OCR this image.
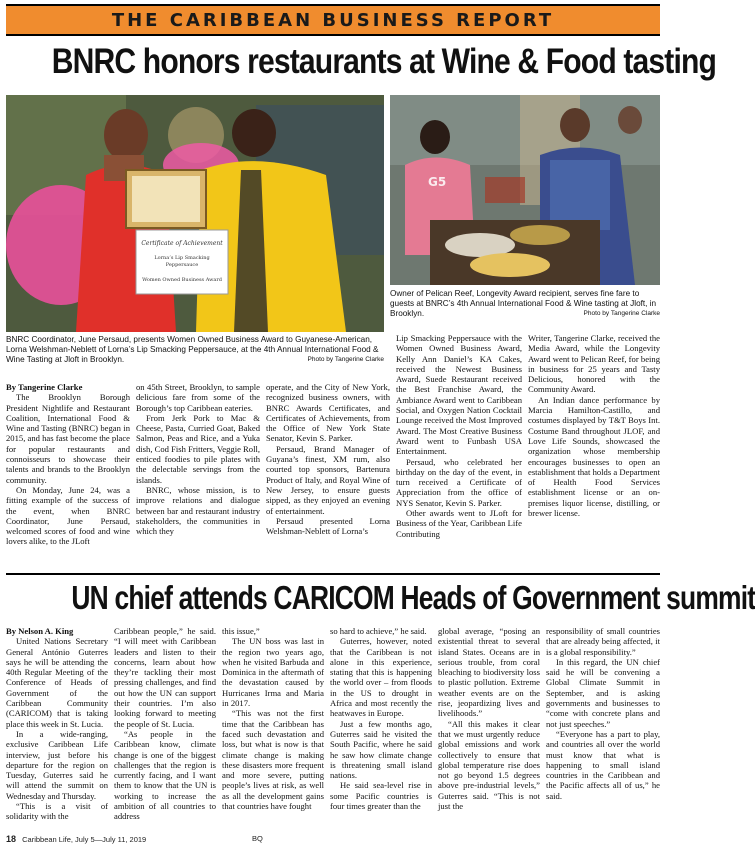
THE CARIBBEAN BUSINESS REPORT
BNRC honors restaurants at Wine & Food tasting
Certificate of Achievement
Lorna’s Lip Smacking Peppersauce
Women Owned Business Award
G5
Owner of Pelican Reef, Longevity Award recipient, serves fine fare to guests at BNRC’s 4th Annual International Food & Wine tasting at Jloft, in Brooklyn.	Photo by Tangerine Clarke
BNRC Coordinator, June Persaud, presents Women Owned Business Award to Guyanese-American, Lorna Welshman-Neblett of Lorna’s Lip Smacking Peppersauce, at the 4th Annual International Food & Wine Tasting at Jloft in Brooklyn.	Photo by Tangerine Clarke

By Tangerine Clarke

The Brooklyn Borough President Nightlife and Restaurant Coalition, International Food & Wine and Tasting (BNRC) began in 2015, and has fast become the place for popular restaurants and connoisseurs to showcase their talents and brands to the Brooklyn community.

On Monday, June 24, was a fitting example of the success of the event, when BNRC Coordinator, June Persaud, welcomed scores of food and wine lovers alike, to the JLoft

on 45th Street, Brooklyn, to sample delicious fare from some of the Borough’s top Caribbean eateries.

From Jerk Pork to Mac & Cheese, Pasta, Curried Goat, Baked Salmon, Peas and Rice, and a Yuka dish, Cod Fish Fritters, Veggie Roll, enticed foodies to pile plates with the delectable servings from the islands.

BNRC, whose mission, is to improve relations and dialogue between bar and restaurant industry stakeholders, the communities in which they

operate, and the City of New York, recognized business owners, with BNRC Awards Certificates, and Certificates of Achievements, from the Office of New York State Senator, Kevin S. Parker.

Persaud, Brand Manager of Guyana’s finest, XM rum, also courted top sponsors, Bartenura Product of Italy, and Royal Wine of New Jersey, to ensure guests sipped, as they enjoyed an evening of entertainment.

Persaud presented Lorna Welshman-Neblett of Lorna’s

Lip Smacking Peppersauce with the Women Owned Business Award, Kelly Ann Daniel’s KA Cakes, received the Newest Business Award, Suede Restaurant received the Best Franchise Award, the Ambiance Award went to Caribbean Social, and Oxygen Nation Cocktail Lounge received the Most Improved Award. The Most Creative Business Award went to Funbash USA Entertainment.

Persaud, who celebrated her birthday on the day of the event, in turn received a Certificate of Appreciation from the office of NYS Senator, Kevin S. Parker.

Other awards went to JLoft for Business of the Year, Caribbean Life Contributing

Writer, Tangerine Clarke, received the Media Award, while the Longevity Award went to Pelican Reef, for being in business for 25 years and Tasty Delicious, honored with the Community Award.

An Indian dance performance by Marcia Hamilton-Castillo, and costumes displayed by T&T Boys Int. Costume Band throughout JLOF, and Love Life Sounds, showcased the organization whose membership encourages businesses to open an establishment that holds a Department of Health Food Services establishment license or an on-premises liquor license, distilling, or brewer license.

UN chief attends CARICOM Heads of Government summit

By Nelson A. King

United Nations Secretary General António Guterres says he will be attending the 40th Regular Meeting of the Conference of Heads of Government of the Caribbean Community (CARICOM) that is taking place this week in St. Lucia.

In a wide-ranging, exclusive Caribbean Life interview, just before his departure for the region on Tuesday, Guterres said he will attend the summit on Wednesday and Thursday.

“This is a visit of solidarity with the

Caribbean people,” he said. “I will meet with Caribbean leaders and listen to their concerns, learn about how they’re tackling their most pressing challenges, and find out how the UN can support their countries. I’m also looking forward to meeting the people of St. Lucia.

“As people in the Caribbean know, climate change is one of the biggest challenges that the region is currently facing, and I want them to know that the UN is working to increase the ambition of all countries to address

this issue,”

The UN boss was last in the region two years ago, when he visited Barbuda and Dominica in the aftermath of the devastation caused by Hurricanes Irma and Maria in 2017.

“This was not the first time that the Caribbean has faced such devastation and loss, but what is now is that climate change is making these disasters more frequent and more severe, putting people’s lives at risk, as well as all the development gains that countries have fought

so hard to achieve,” he said.

Guterres, however, noted that the Caribbean is not alone in this experience, stating that this is happening the world over – from floods in the US to drought in Africa and most recently the heatwaves in Europe.

Just a few months ago, Guterres said he visited the South Pacific, where he said he saw how climate change is threatening small island nations.

He said sea-level rise in some Pacific countries is four times greater than the

global average, “posing an existential threat to several island States. Oceans are in serious trouble, from coral bleaching to biodiversity loss to plastic pollution. Extreme weather events are on the rise, jeopardizing lives and livelihoods.”

“All this makes it clear that we must urgently reduce global emissions and work collectively to ensure that global temperature rise does not go beyond 1.5 degrees above pre-industrial levels,” Guterres said. “This is not just the

responsibility of small countries that are already being affected, it is a global responsibility.”

In this regard, the UN chief said he will be convening a Global Climate Summit in September, and is asking governments and businesses to “come with concrete plans and not just speeches.”

“Everyone has a part to play, and countries all over the world must know that what is happening to small island countries in the Caribbean and the Pacific affects all of us,” he said.

18 Caribbean Life, July 5—July 11, 2019	BQ
